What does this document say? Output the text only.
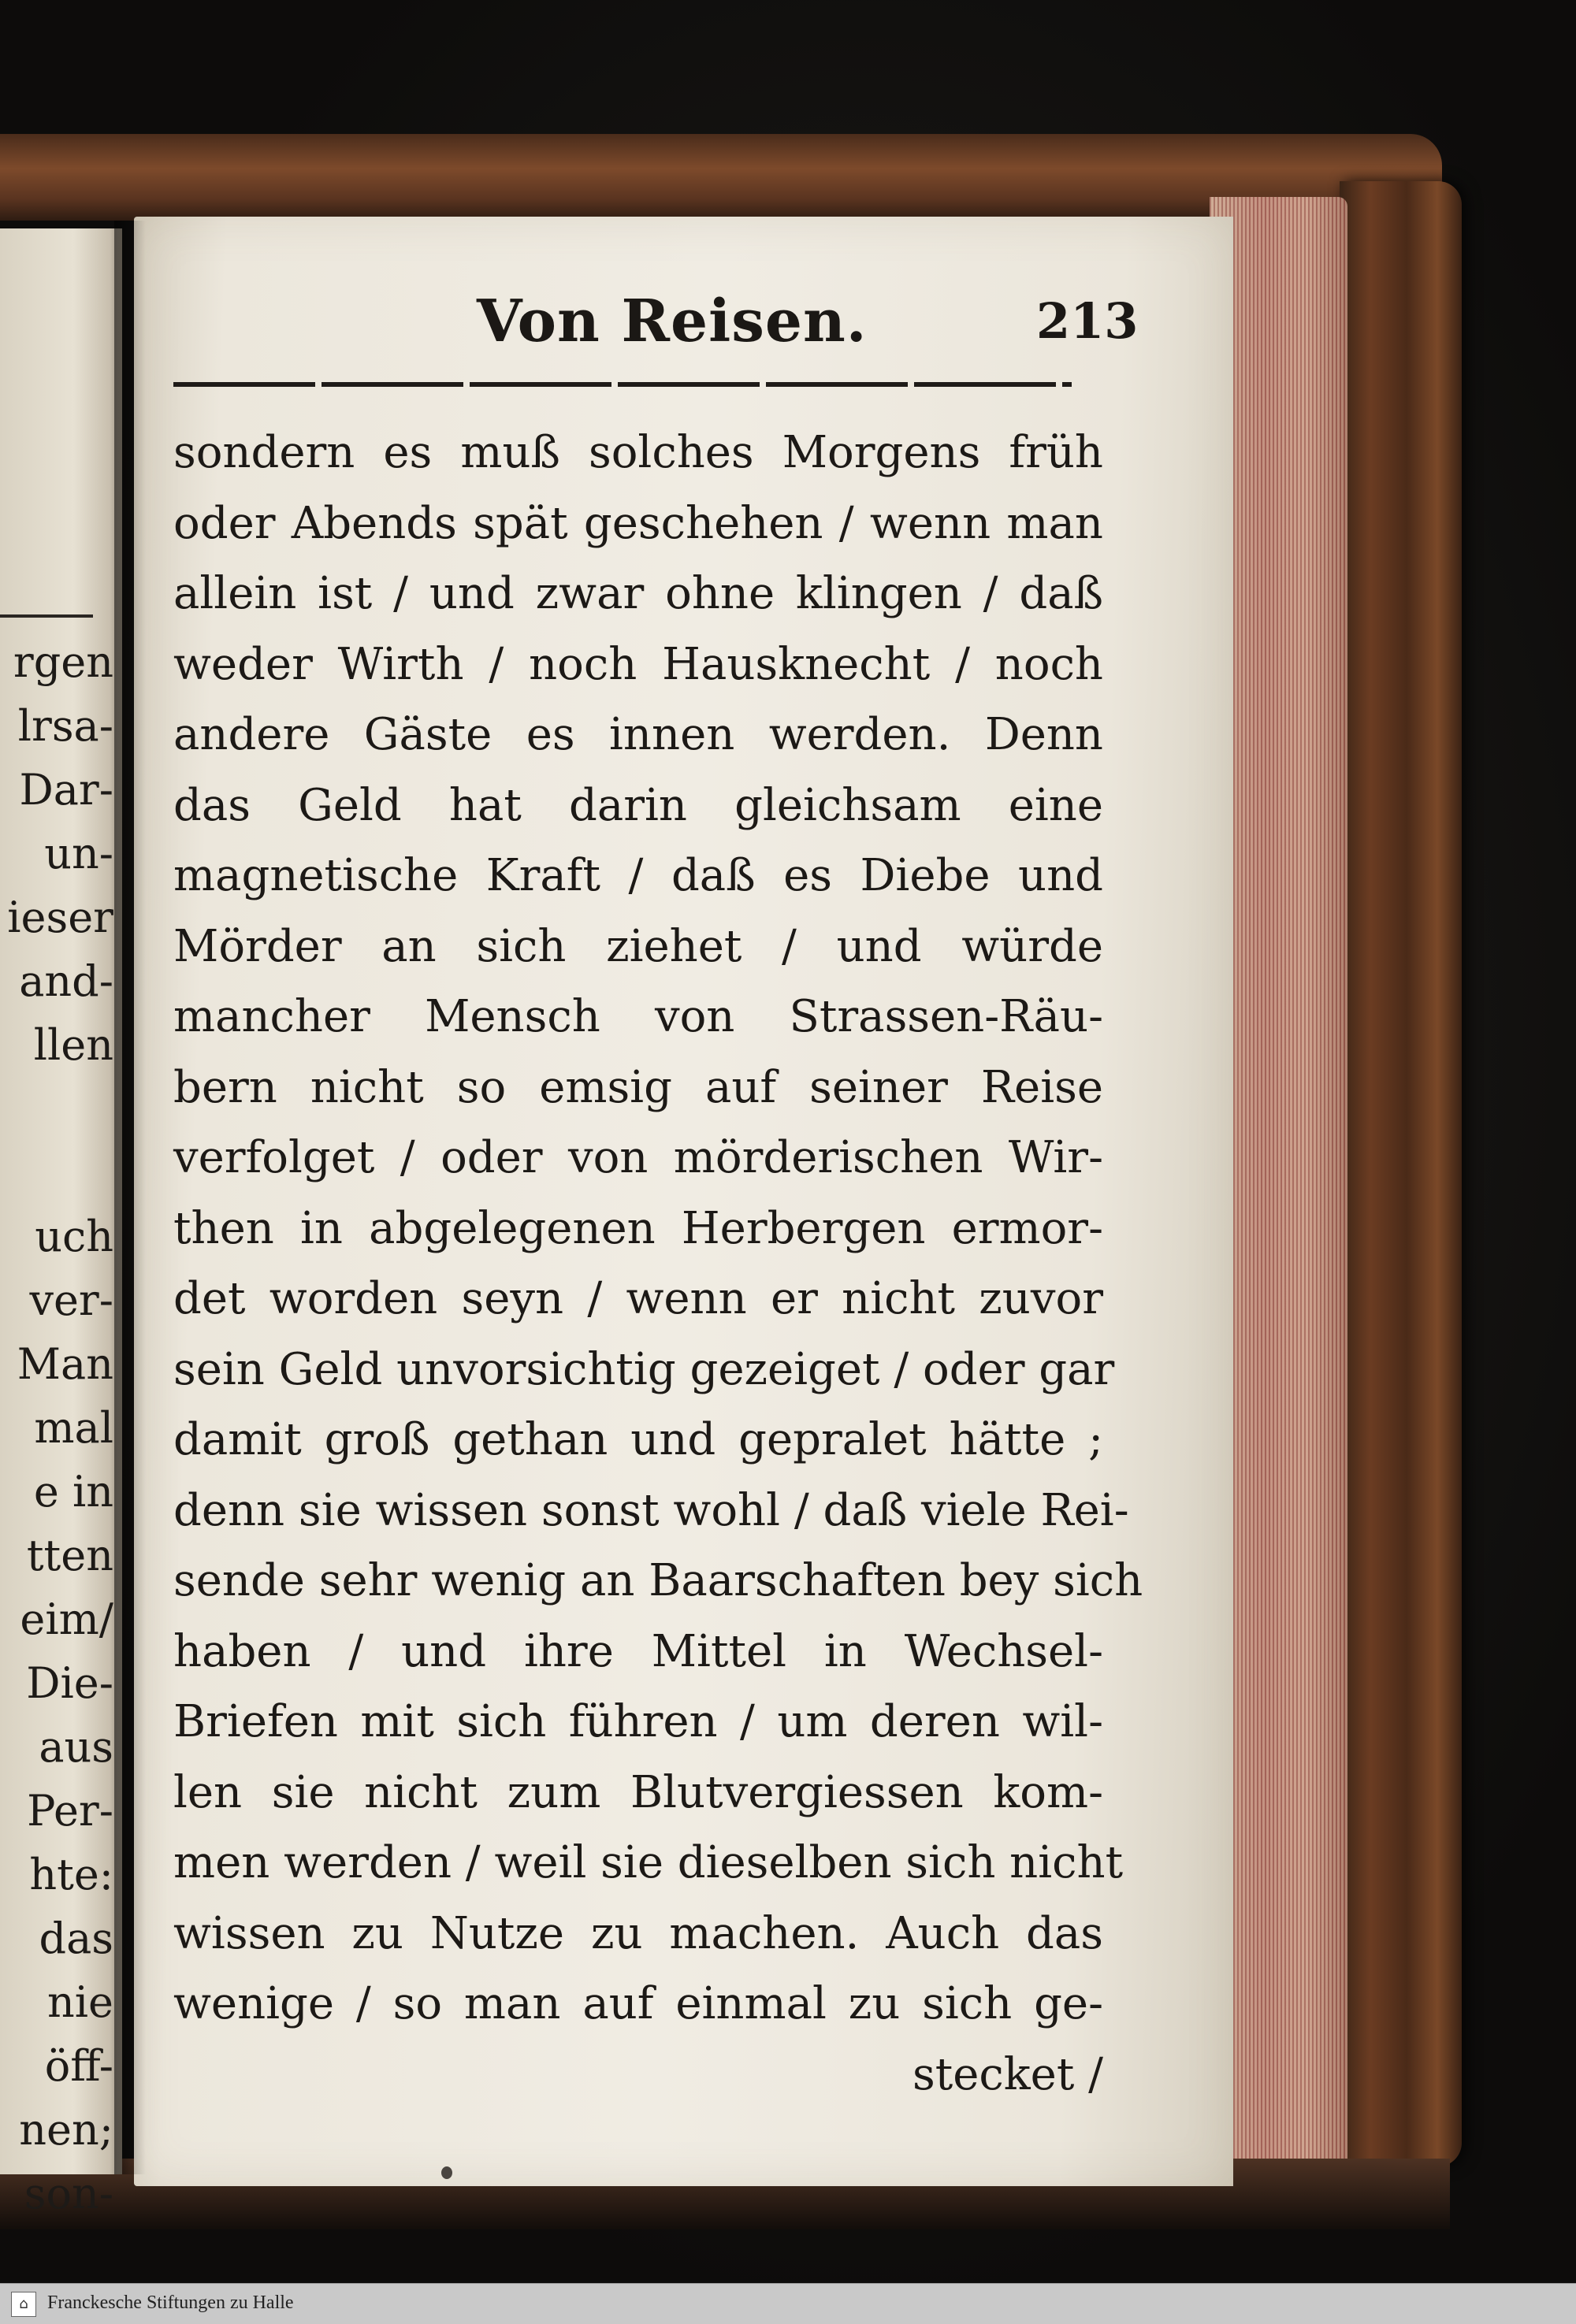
rgen
lrsa-
Dar-
un-
ieser
and-
llen
uch
ver-
Man
mal
e in
tten
eim/
Die-
aus
Per-
hte:
das
nie
öff-
nen;
son-
Von Reisen.	213
sondern es muß solches Morgens früh
oder Abends spät geschehen / wenn man
allein ist / und zwar ohne klingen / daß
weder Wirth / noch Hausknecht / noch
andere Gäste es innen werden. Denn
das Geld hat darin gleichsam eine
magnetische Kraft / daß es Diebe und
Mörder an sich ziehet / und würde
mancher Mensch von Strassen-Räu-
bern nicht so emsig auf seiner Reise
verfolget / oder von mörderischen Wir-
then in abgelegenen Herbergen ermor-
det worden seyn / wenn er nicht zuvor
sein Geld unvorsichtig gezeiget / oder gar
damit groß gethan und gepralet hätte ;
denn sie wissen sonst wohl / daß viele Rei-
sende sehr wenig an Baarschaften bey sich
haben / und ihre Mittel in Wechsel-
Briefen mit sich führen / um deren wil-
len sie nicht zum Blutvergiessen kom-
men werden / weil sie dieselben sich nicht
wissen zu Nutze zu machen. Auch das
wenige / so man auf einmal zu sich ge-
stecket /
⌂	Franckesche Stiftungen zu Halle
